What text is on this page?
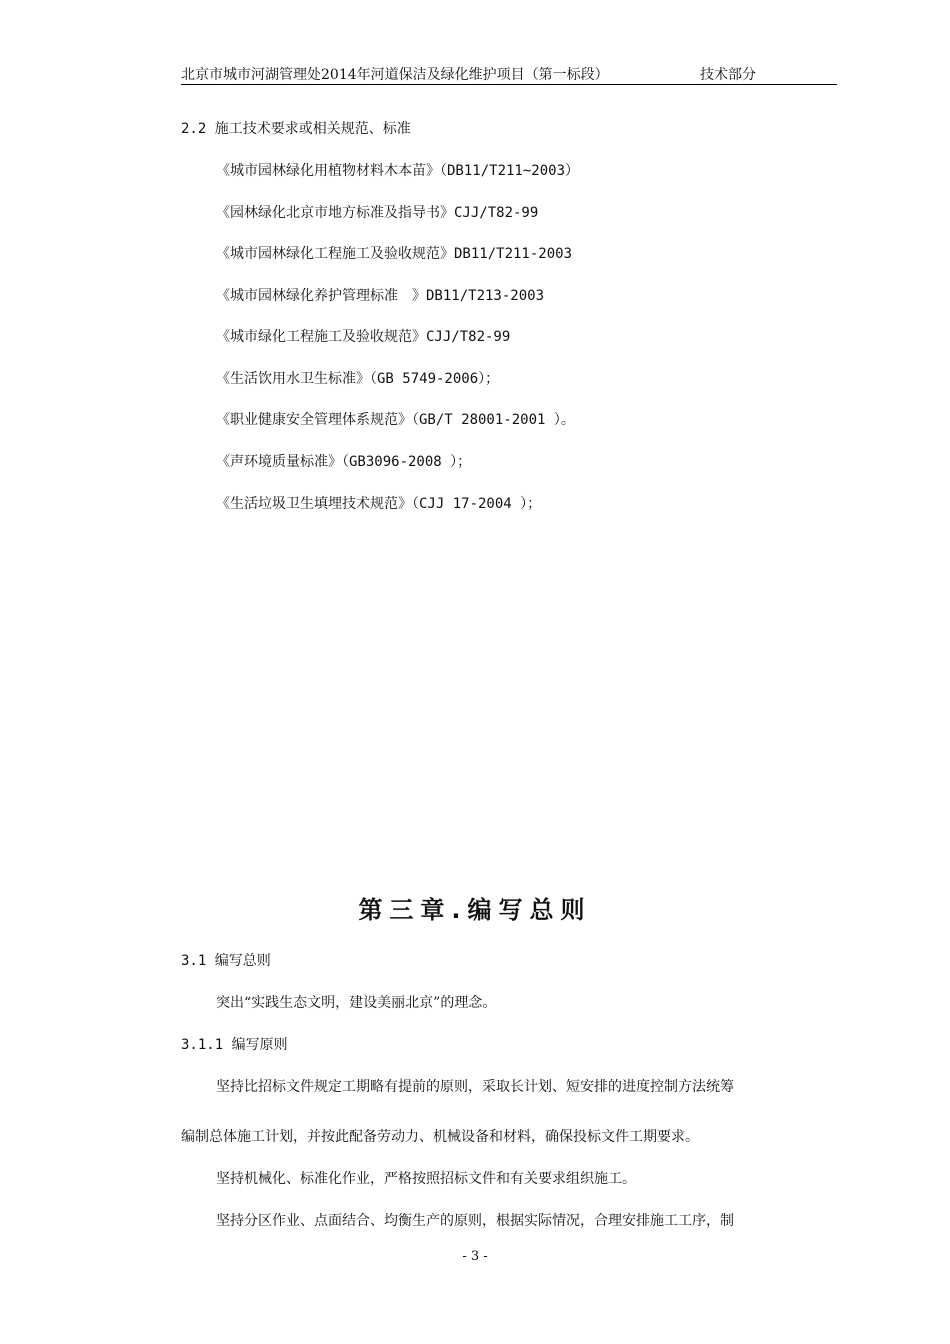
北京市城市河湖管理处2014年河道保洁及绿化维护项目（第一标段）	技术部分
2.2 施工技术要求或相关规范、标准
《城市园林绿化用植物材料木本苗》（DB11/T211~2003）
《园林绿化北京市地方标准及指导书》CJJ/T82-99
《城市园林绿化工程施工及验收规范》DB11/T211-2003
《城市园林绿化养护管理标准　》DB11/T213-2003
《城市绿化工程施工及验收规范》CJJ/T82-99
《生活饮用水卫生标准》（GB 5749-2006）；
《职业健康安全管理体系规范》（GB/T 28001-2001 ）。
《声环境质量标准》（GB3096-2008 ）；
《生活垃圾卫生填埋技术规范》（CJJ 17-2004 ）；
第三章.编写总则
3.1 编写总则
突出“实践生态文明，建设美丽北京”的理念。
3.1.1 编写原则
坚持比招标文件规定工期略有提前的原则，采取长计划、短安排的进度控制方法统筹
编制总体施工计划，并按此配备劳动力、机械设备和材料，确保投标文件工期要求。
坚持机械化、标准化作业，严格按照招标文件和有关要求组织施工。
坚持分区作业、点面结合、均衡生产的原则，根据实际情况，合理安排施工工序，制
- 3 -
